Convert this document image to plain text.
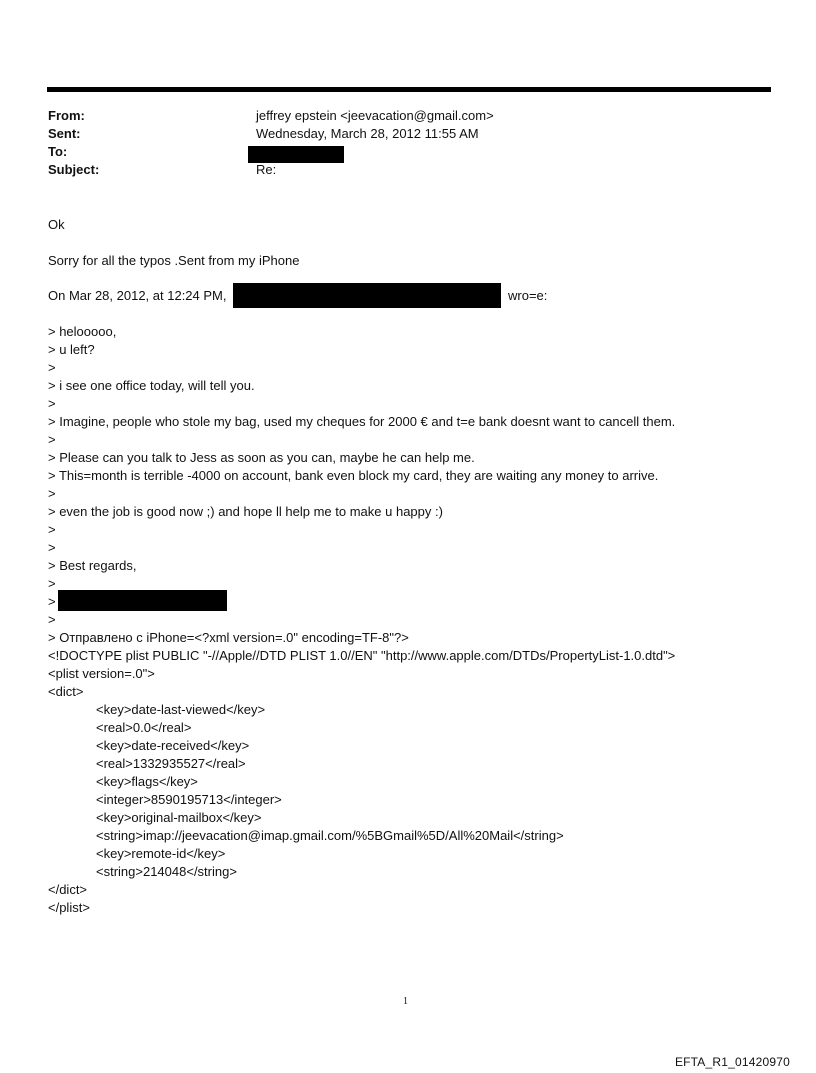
From:	jeffrey epstein <jeevacation@gmail.com>
Sent:	Wednesday, March 28, 2012 11:55 AM
To:
Subject:	Re:
Ok
Sorry for all the typos .Sent from my iPhone
On Mar 28, 2012, at 12:24 PM,	wro=e:
> helooooo,
> u left?
>
> i see one office today, will tell you.
>
> Imagine, people who stole my bag, used my cheques for 2000 € and t=e bank doesnt want to cancell them.
>
> Please can you talk to Jess as soon as you can, maybe he can help me.
> This=month is terrible -4000 on account, bank even block my card, they are waiting any money to arrive.
>
> even the job is good now ;) and hope ll help me to make u happy :)
>
>
> Best regards,
>
>
>
> Отправлено с iPhone=<?xml version=.0" encoding=TF-8"?>
<!DOCTYPE plist PUBLIC "-//Apple//DTD PLIST 1.0//EN" "http://www.apple.com/DTDs/PropertyList-1.0.dtd">
<plist version=.0">
<dict>
<key>date-last-viewed</key>
<real>0.0</real>
<key>date-received</key>
<real>1332935527</real>
<key>flags</key>
<integer>8590195713</integer>
<key>original-mailbox</key>
<string>imap://jeevacation@imap.gmail.com/%5BGmail%5D/All%20Mail</string>
<key>remote-id</key>
<string>214048</string>
</dict>
</plist>
1
EFTA_R1_01420970
